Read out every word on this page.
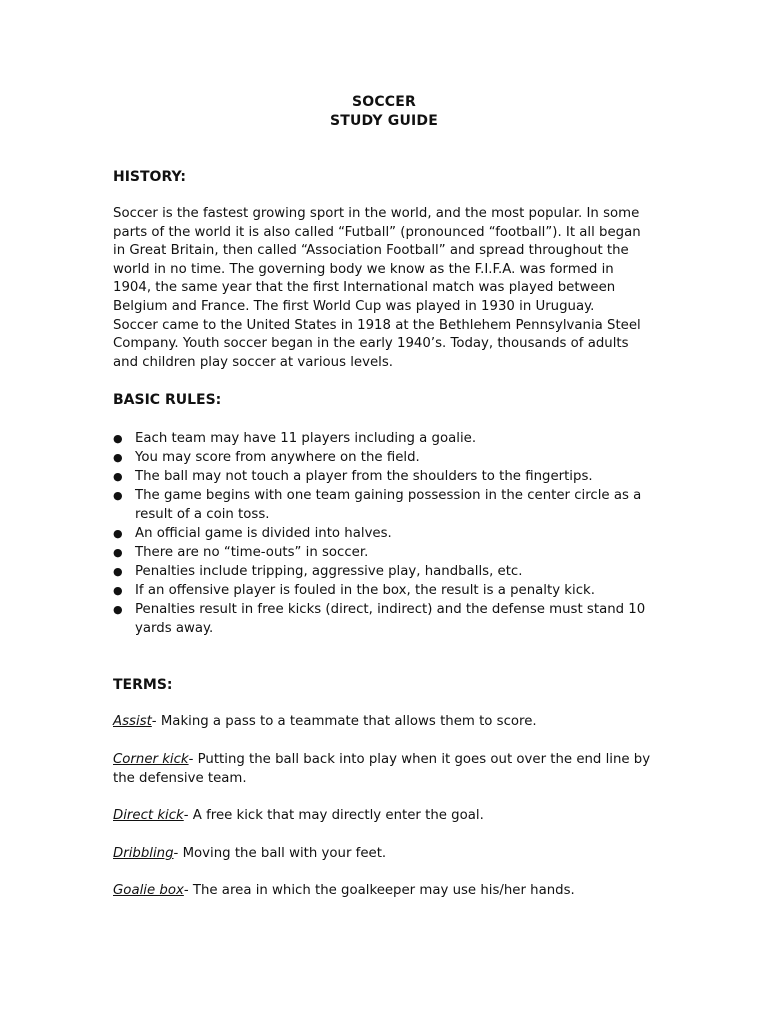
SOCCER
STUDY GUIDE
HISTORY:
Soccer is the fastest growing sport in the world, and the most popular. In some parts of the world it is also called “Futball” (pronounced “football”). It all began in Great Britain, then called “Association Football” and spread throughout the world in no time. The governing body we know as the F.I.F.A. was formed in 1904, the same year that the first International match was played between Belgium and France. The first World Cup was played in 1930 in Uruguay. Soccer came to the United States in 1918 at the Bethlehem Pennsylvania Steel Company. Youth soccer began in the early 1940’s. Today, thousands of adults and children play soccer at various levels.
BASIC RULES:
● Each team may have 11 players including a goalie.
● You may score from anywhere on the field.
● The ball may not touch a player from the shoulders to the fingertips.
● The game begins with one team gaining possession in the center circle as a result of a coin toss.
● An official game is divided into halves.
● There are no “time-outs” in soccer.
● Penalties include tripping, aggressive play, handballs, etc.
● If an offensive player is fouled in the box, the result is a penalty kick.
● Penalties result in free kicks (direct, indirect) and the defense must stand 10 yards away.
TERMS:
Assist- Making a pass to a teammate that allows them to score.
Corner kick- Putting the ball back into play when it goes out over the end line by the defensive team.
Direct kick- A free kick that may directly enter the goal.
Dribbling- Moving the ball with your feet.
Goalie box- The area in which the goalkeeper may use his/her hands.
